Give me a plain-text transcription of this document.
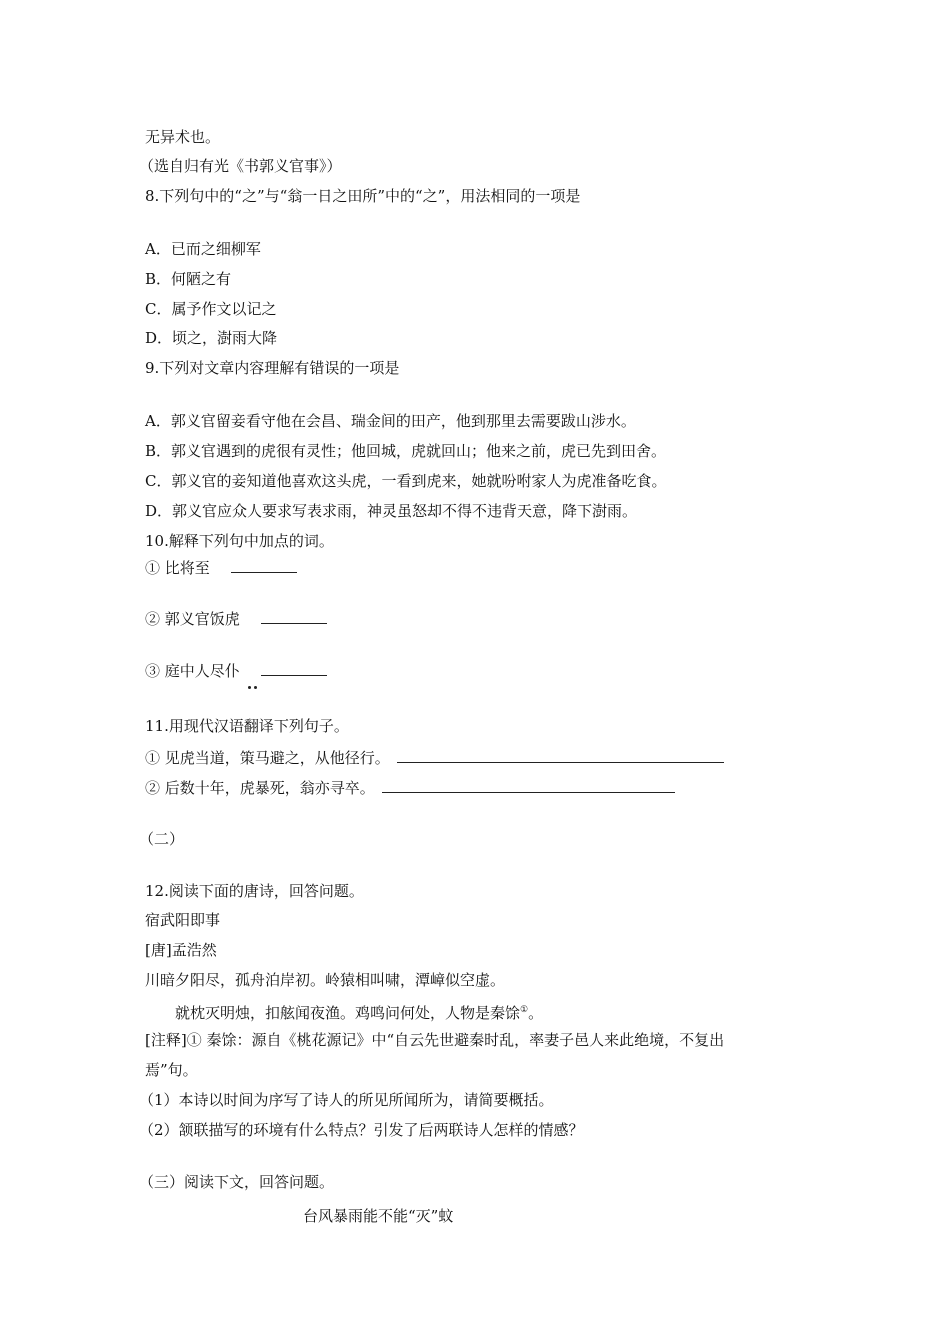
无异术也。
（选自归有光《书郭义官事》）
8.下列句中的“之”与“翁一日之田所”中的“之”，用法相同的一项是
A．已而之细柳军
B．何陋之有
C．属予作文以记之
D．顷之，澍雨大降
9.下列对文章内容理解有错误的一项是
A．郭义官留妾看守他在会昌、瑞金间的田产，他到那里去需要跋山涉水。
B．郭义官遇到的虎很有灵性；他回城，虎就回山；他来之前，虎已先到田舍。
C．郭义官的妾知道他喜欢这头虎，一看到虎来，她就吩咐家人为虎准备吃食。
D．郭义官应众人要求写表求雨，神灵虽怒却不得不违背天意，降下澍雨。
10.解释下列句中加点的词。
① 比将至
② 郭义官饭虎
③ 庭中人尽仆
11.用现代汉语翻译下列句子。
① 见虎当道，策马避之，从他径行。
② 后数十年，虎暴死，翁亦寻卒。
（二）
12.阅读下面的唐诗，回答问题。
宿武阳即事
[唐]孟浩然
川暗夕阳尽，孤舟泊岸初。岭猿相叫啸，潭嶂似空虚。
就枕灭明烛，扣舷闻夜渔。鸡鸣问何处，人物是秦馀①。
[注释]① 秦馀：源自《桃花源记》中“自云先世避秦时乱，率妻子邑人来此绝境，不复出
焉”句。
（1）本诗以时间为序写了诗人的所见所闻所为，请简要概括。
（2）颔联描写的环境有什么特点？引发了后两联诗人怎样的情感？
（三）阅读下文，回答问题。
台风暴雨能不能“灭”蚊
